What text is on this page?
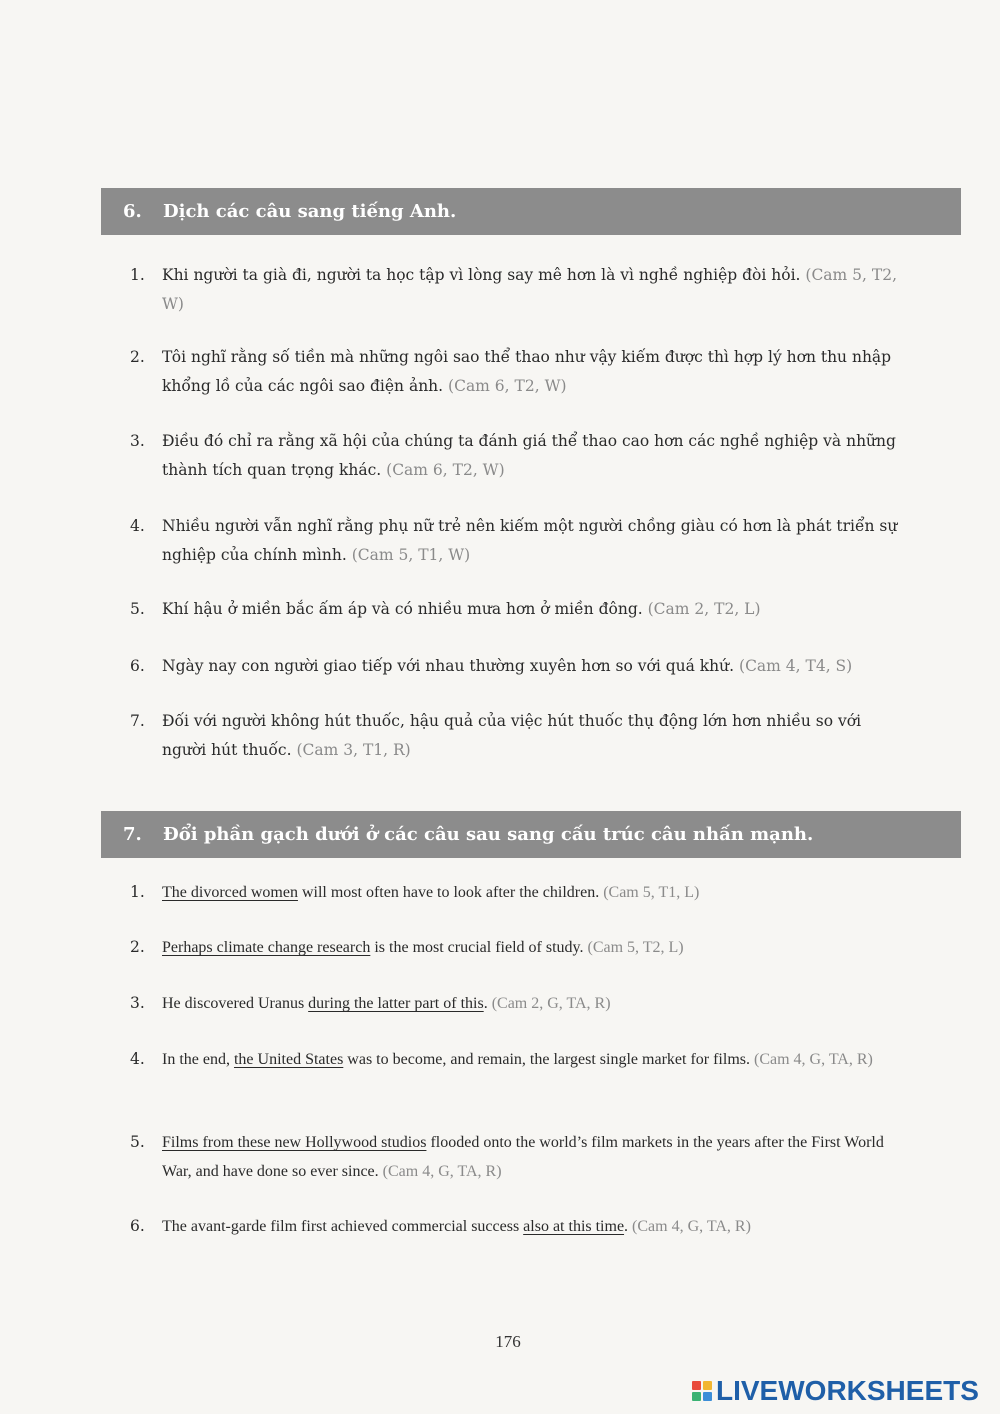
6.	Dịch các câu sang tiếng Anh.
1.	Khi người ta già đi, người ta học tập vì lòng say mê hơn là vì nghề nghiệp đòi hỏi. (Cam 5, T2, W)
2.	Tôi nghĩ rằng số tiền mà những ngôi sao thể thao như vậy kiếm được thì hợp lý hơn thu nhập khổng lồ của các ngôi sao điện ảnh. (Cam 6, T2, W)
3.	Điều đó chỉ ra rằng xã hội của chúng ta đánh giá thể thao cao hơn các nghề nghiệp và những thành tích quan trọng khác. (Cam 6, T2, W)
4.	Nhiều người vẫn nghĩ rằng phụ nữ trẻ nên kiếm một người chồng giàu có hơn là phát triển sự nghiệp của chính mình. (Cam 5, T1, W)
5.	Khí hậu ở miền bắc ấm áp và có nhiều mưa hơn ở miền đông. (Cam 2, T2, L)
6.	Ngày nay con người giao tiếp với nhau thường xuyên hơn so với quá khứ. (Cam 4, T4, S)
7.	Đối với người không hút thuốc, hậu quả của việc hút thuốc thụ động lớn hơn nhiều so với người hút thuốc. (Cam 3, T1, R)
7.	Đổi phần gạch dưới ở các câu sau sang cấu trúc câu nhấn mạnh.
1.	The divorced women will most often have to look after the children. (Cam 5, T1, L)
2.	Perhaps climate change research is the most crucial field of study. (Cam 5, T2, L)
3.	He discovered Uranus during the latter part of this. (Cam 2, G, TA, R)
4.	In the end, the United States was to become, and remain, the largest single market for films. (Cam 4, G, TA, R)
5.	Films from these new Hollywood studios flooded onto the world’s film markets in the years after the First World War, and have done so ever since. (Cam 4, G, TA, R)
6.	The avant-garde film first achieved commercial success also at this time. (Cam 4, G, TA, R)
176
LIVEWORKSHEETS
